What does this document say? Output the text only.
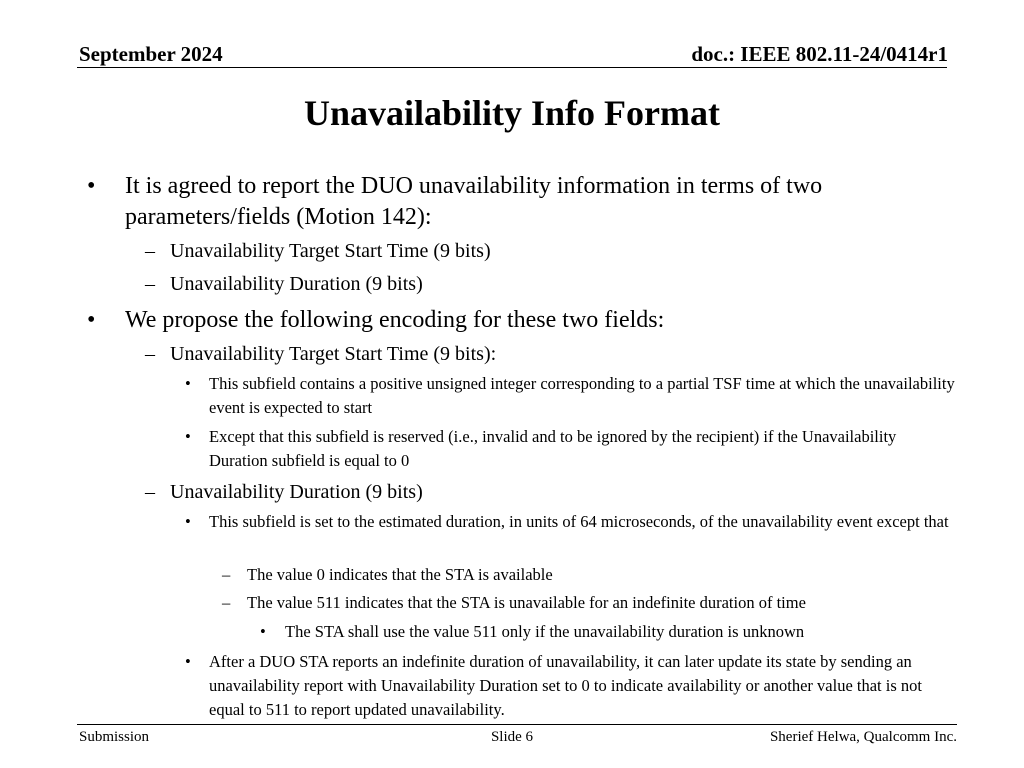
September 2024	doc.: IEEE 802.11-24/0414r1
Unavailability Info Format
•	It is agreed to report the DUO unavailability information in terms of two parameters/fields (Motion 142):
– Unavailability Target Start Time (9 bits)
– Unavailability Duration (9 bits)
•	We propose the following encoding for these two fields:
– Unavailability Target Start Time (9 bits):
•	This subfield contains a positive unsigned integer corresponding to a partial TSF time at which the unavailability event is expected to start
•	Except that this subfield is reserved (i.e., invalid and to be ignored by the recipient) if the Unavailability Duration subfield is equal to 0
– Unavailability Duration (9 bits)
•	This subfield is set to the estimated duration, in units of 64 microseconds, of the unavailability event except that
–	The value 0 indicates that the STA is available
–	The value 511 indicates that the STA is unavailable for an indefinite duration of time
•	The STA shall use the value 511 only if the unavailability duration is unknown
•	After a DUO STA reports an indefinite duration of unavailability, it can later update its state by sending an unavailability report with Unavailability Duration set to 0 to indicate availability or another value that is not equal to 511 to report updated unavailability.
Submission	Slide 6	Sherief Helwa, Qualcomm Inc.
